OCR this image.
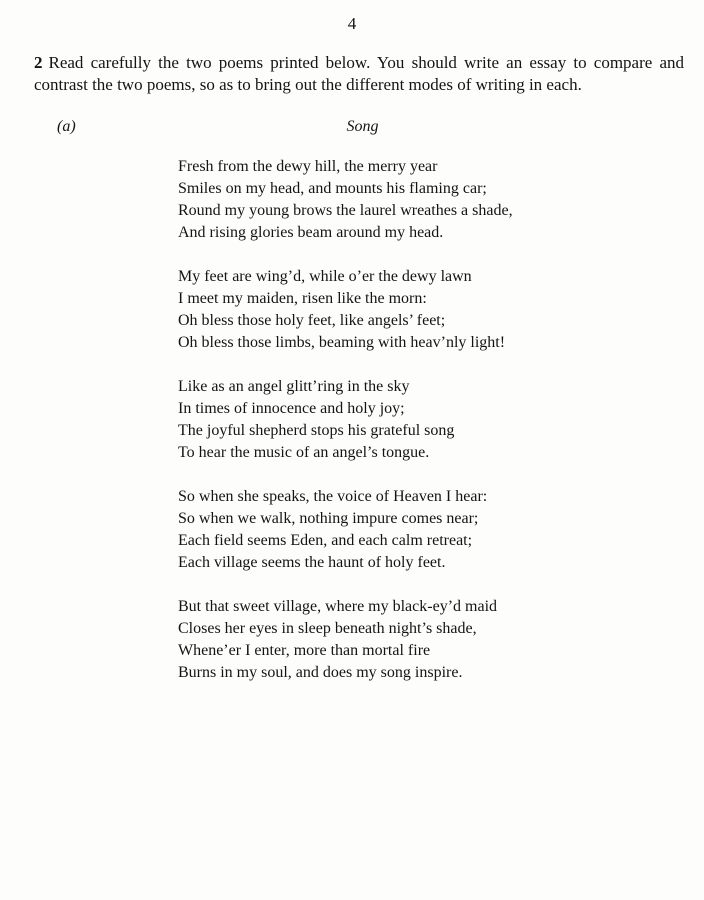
4
2 Read carefully the two poems printed below. You should write an essay to compare and contrast the two poems, so as to bring out the different modes of writing in each.
(a)	Song
Fresh from the dewy hill, the merry year
Smiles on my head, and mounts his flaming car;
Round my young brows the laurel wreathes a shade,
And rising glories beam around my head.
My feet are wing’d, while o’er the dewy lawn
I meet my maiden, risen like the morn:
Oh bless those holy feet, like angels’ feet;
Oh bless those limbs, beaming with heav’nly light!
Like as an angel glitt’ring in the sky
In times of innocence and holy joy;
The joyful shepherd stops his grateful song
To hear the music of an angel’s tongue.
So when she speaks, the voice of Heaven I hear:
So when we walk, nothing impure comes near;
Each field seems Eden, and each calm retreat;
Each village seems the haunt of holy feet.
But that sweet village, where my black-ey’d maid
Closes her eyes in sleep beneath night’s shade,
Whene’er I enter, more than mortal fire
Burns in my soul, and does my song inspire.
